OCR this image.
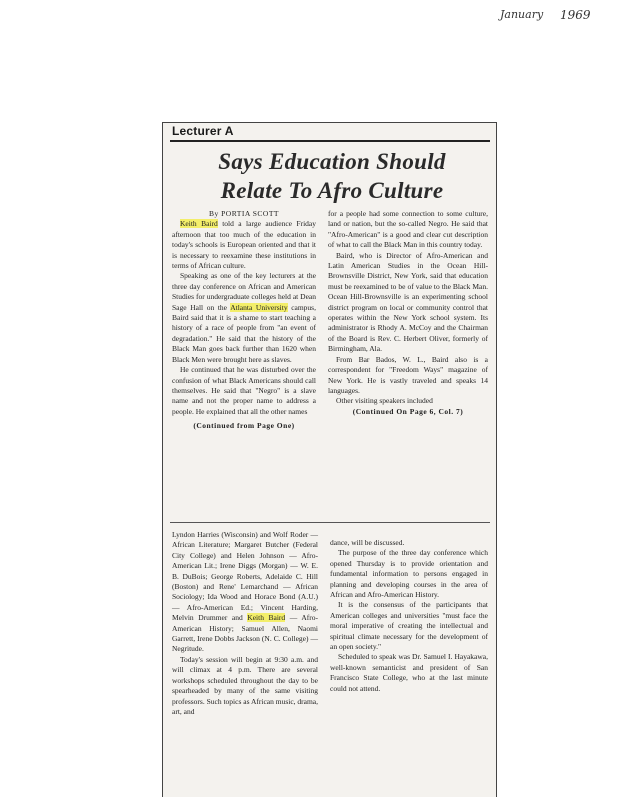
January 1969
Lecturer A
Says Education Should
Relate To Afro Culture

By PORTIA SCOTT

Keith Baird told a large audience Friday afternoon that too much of the education in today's schools is European oriented and that it is necessary to reexamine these institutions in terms of African culture.

Speaking as one of the key lecturers at the three day conference on African and American Studies for undergraduate colleges held at Dean Sage Hall on the Atlanta University campus, Baird said that it is a shame to start teaching a history of a race of people from "an event of degradation." He said that the history of the Black Man goes back further than 1620 when Black Men were brought here as slaves.

He continued that he was disturbed over the confusion of what Black Americans should call themselves. He said that "Negro" is a slave name and not the proper name to address a people. He explained that all the other names

(Continued from Page One)

for a people had some connection to some culture, land or nation, but the so-called Negro. He said that "Afro-American" is a good and clear cut description of what to call the Black Man in this country today.

Baird, who is Director of Afro-American and Latin American Studies in the Ocean Hill-Brownsville District, New York, said that education must be reexamined to be of value to the Black Man. Ocean Hill-Brownsville is an experimenting school district program on local or community control that operates within the New York school system. Its administrator is Rhody A. McCoy and the Chairman of the Board is Rev. C. Herbert Oliver, formerly of Birmingham, Ala.

From Bar Bados, W. L., Baird also is a correspondent for "Freedom Ways" magazine of New York. He is vastly traveled and speaks 14 languages.

Other visiting speakers included

(Continued On Page 6, Col. 7)

Lyndon Harries (Wisconsin) and Wolf Roder — African Literature; Margaret Butcher (Federal City College) and Helen Johnson — Afro-American Lit.; Irene Diggs (Morgan) — W. E. B. DuBois; George Roberts, Adelaide C. Hill (Boston) and Rene' Lemarchand — African Sociology; Ida Wood and Horace Bond (A.U.) — Afro-American Ed.; Vincent Harding, Melvin Drummer and Keith Baird — Afro-American History; Samuel Allen, Naomi Garrett, Irene Dobbs Jackson (N. C. College) — Negritude.

Today's session will begin at 9:30 a.m. and will climax at 4 p.m. There are several workshops scheduled throughout the day to be spearheaded by many of the same visiting professors. Such topics as African music, drama, art, and

dance, will be discussed.

The purpose of the three day conference which opened Thursday is to provide orientation and fundamental information to persons engaged in planning and developing courses in the area of African and Afro-American History.

It is the consensus of the participants that American colleges and universities "must face the moral imperative of creating the intellectual and spiritual climate necessary for the development of an open society."

Scheduled to speak was Dr. Samuel I. Hayakawa, well-known semanticist and president of San Francisco State College, who at the last minute could not attend.
